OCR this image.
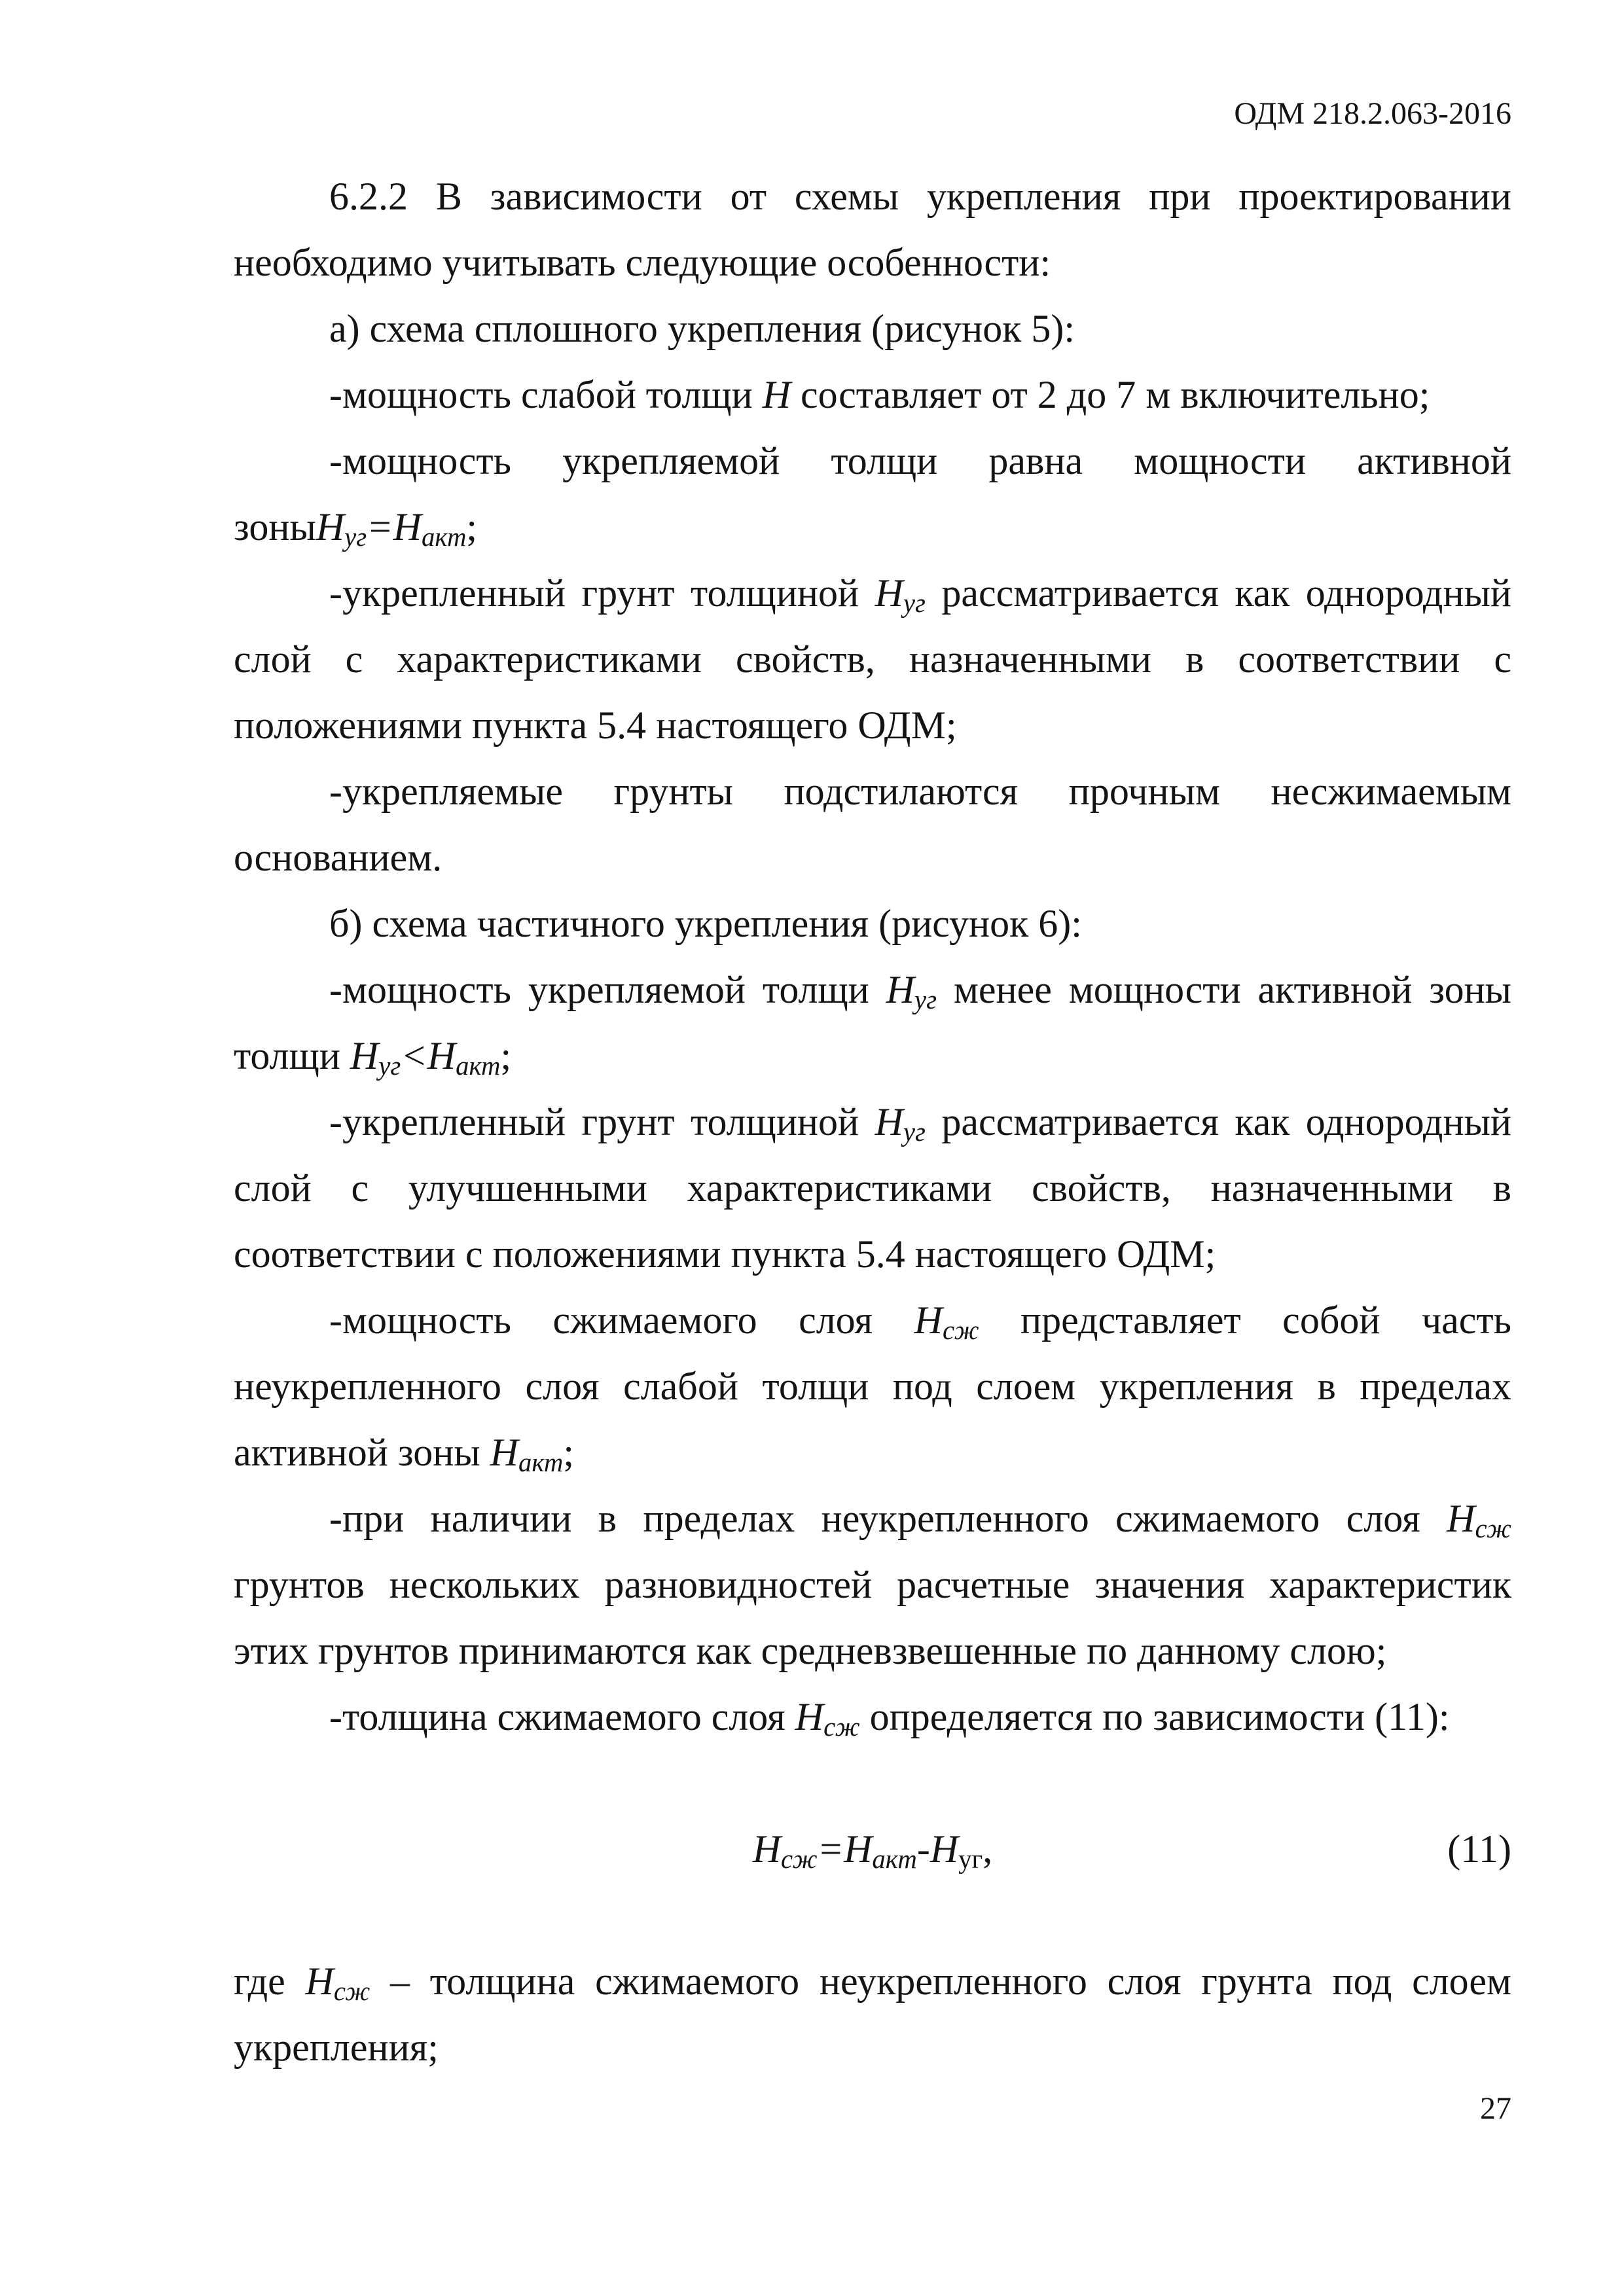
ОДМ 218.2.063-2016

6.2.2 В зависимости от схемы укрепления при проектировании необходимо учитывать следующие особенности:

а) схема сплошного укрепления (рисунок 5):

-мощность слабой толщи H составляет от 2 до 7 м включительно;

-мощность укрепляемой толщи равна мощности активной $зоныH_{уг}=H_{акт}$;

-укрепленный грунт толщиной $H_{уг}$ рассматривается как однородный слой с характеристиками свойств, назначенными в соответствии с положениями пункта 5.4 настоящего ОДМ;

-укрепляемые грунты подстилаются прочным несжимаемым основанием.

б) схема частичного укрепления (рисунок 6):

-мощность укрепляемой толщи $H_{уг}$ менее мощности активной зоны толщи $H_{уг}<H_{акт}$;

-укрепленный грунт толщиной $H_{уг}$ рассматривается как однородный слой с улучшенными характеристиками свойств, назначенными в соответствии с положениями пункта 5.4 настоящего ОДМ;

-мощность сжимаемого слоя $H_{сж}$ представляет собой часть неукрепленного слоя слабой толщи под слоем укрепления в пределах активной зоны $H_{акт}$;

-при наличии в пределах неукрепленного сжимаемого слоя $H_{сж}$ грунтов нескольких разновидностей расчетные значения характеристик этих грунтов принимаются как средневзвешенные по данному слою;

-толщина сжимаемого слоя $H_{сж}$ определяется по зависимости (11):

$H_{сж}=H_{акт}-H_{уг}$,	(11)

где $H_{сж}$ – толщина сжимаемого неукрепленного слоя грунта под слоем укрепления;

27
